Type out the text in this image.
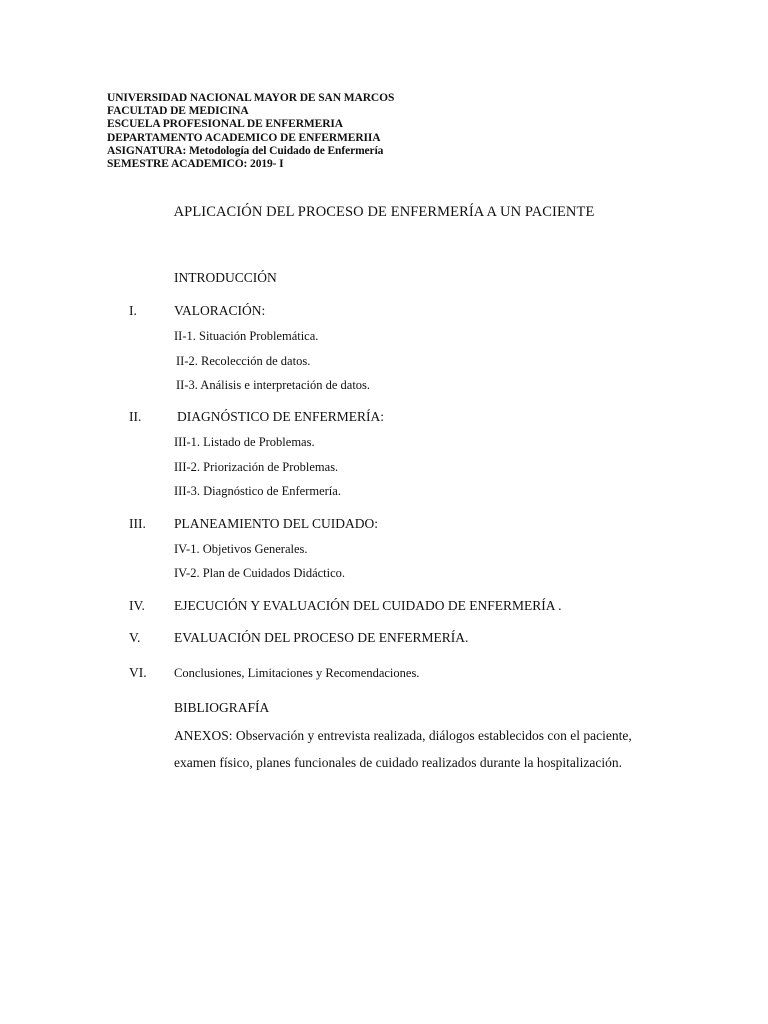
UNIVERSIDAD NACIONAL MAYOR DE SAN MARCOS
FACULTAD DE MEDICINA
ESCUELA PROFESIONAL DE ENFERMERIA
DEPARTAMENTO ACADEMICO DE ENFERMERIIA
ASIGNATURA: Metodología del Cuidado de Enfermería
SEMESTRE ACADEMICO: 2019- I
APLICACIÓN DEL PROCESO DE ENFERMERÍA A UN PACIENTE
INTRODUCCIÓN
I.	VALORACIÓN:
II-1. Situación Problemática.
II-2. Recolección de datos.
II-3. Análisis e interpretación de datos.
II.	DIAGNÓSTICO DE ENFERMERÍA:
III-1. Listado de Problemas.
III-2. Priorización de Problemas.
III-3. Diagnóstico de Enfermería.
III. PLANEAMIENTO DEL CUIDADO:
IV-1. Objetivos Generales.
IV-2. Plan de Cuidados Didáctico.
IV. EJECUCIÓN Y EVALUACIÓN DEL CUIDADO DE ENFERMERÍA .
V. EVALUACIÓN DEL PROCESO DE ENFERMERÍA.
VI. Conclusiones, Limitaciones y Recomendaciones.
BIBLIOGRAFÍA
ANEXOS: Observación y entrevista realizada, diálogos establecidos con el paciente, examen físico, planes funcionales de cuidado realizados durante la hospitalización.
